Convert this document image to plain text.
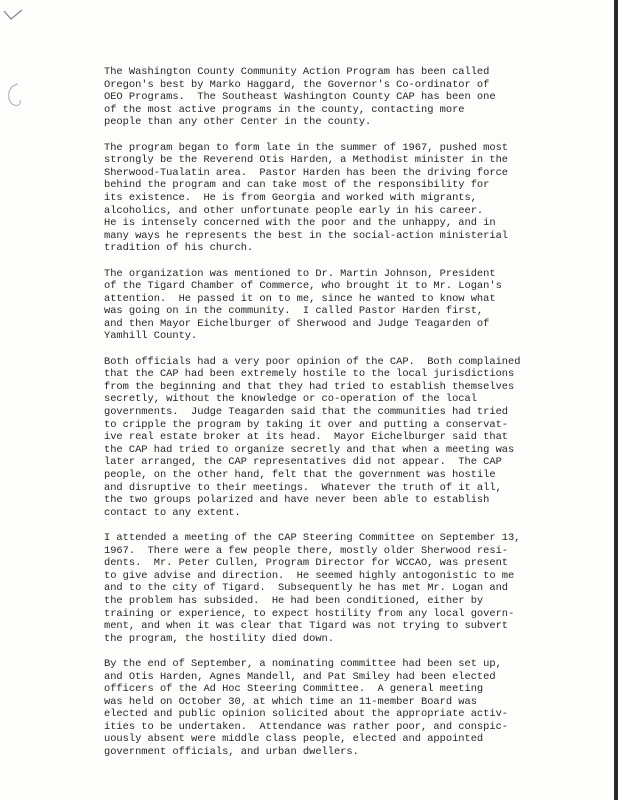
The Washington County Community Action Program has been called
Oregon's best by Marko Haggard, the Governor's Co-ordinator of
OEO Programs.  The Southeast Washington County CAP has been one
of the most active programs in the county, contacting more
people than any other Center in the county.
The program began to form late in the summer of 1967, pushed most
strongly be the Reverend Otis Harden, a Methodist minister in the
Sherwood-Tualatin area.  Pastor Harden has been the driving force
behind the program and can take most of the responsibility for
its existence.  He is from Georgia and worked with migrants,
alcoholics, and other unfortunate people early in his career.
He is intensely concerned with the poor and the unhappy, and in
many ways he represents the best in the social-action ministerial
tradition of his church.
The organization was mentioned to Dr. Martin Johnson, President
of the Tigard Chamber of Commerce, who brought it to Mr. Logan's
attention.  He passed it on to me, since he wanted to know what
was going on in the community.  I called Pastor Harden first,
and then Mayor Eichelburger of Sherwood and Judge Teagarden of
Yamhill County.
Both officials had a very poor opinion of the CAP.  Both complained
that the CAP had been extremely hostile to the local jurisdictions
from the beginning and that they had tried to establish themselves
secretly, without the knowledge or co-operation of the local
governments.  Judge Teagarden said that the communities had tried
to cripple the program by taking it over and putting a conservat-
ive real estate broker at its head.  Mayor Eichelburger said that
the CAP had tried to organize secretly and that when a meeting was
later arranged, the CAP representatives did not appear.  The CAP
people, on the other hand, felt that the government was hostile
and disruptive to their meetings.  Whatever the truth of it all,
the two groups polarized and have never been able to establish
contact to any extent.
I attended a meeting of the CAP Steering Committee on September 13,
1967.  There were a few people there, mostly older Sherwood resi-
dents.  Mr. Peter Cullen, Program Director for WCCAO, was present
to give advise and direction.  He seemed highly antogonistic to me
and to the city of Tigard.  Subsequently he has met Mr. Logan and
the problem has subsided.  He had been conditioned, either by
training or experience, to expect hostility from any local govern-
ment, and when it was clear that Tigard was not trying to subvert
the program, the hostility died down.
By the end of September, a nominating committee had been set up,
and Otis Harden, Agnes Mandell, and Pat Smiley had been elected
officers of the Ad Hoc Steering Committee.  A general meeting
was held on October 30, at which time an 11-member Board was
elected and public opinion solicited about the appropriate activ-
ities to be undertaken.  Attendance was rather poor, and conspic-
uously absent were middle class people, elected and appointed
government officials, and urban dwellers.
